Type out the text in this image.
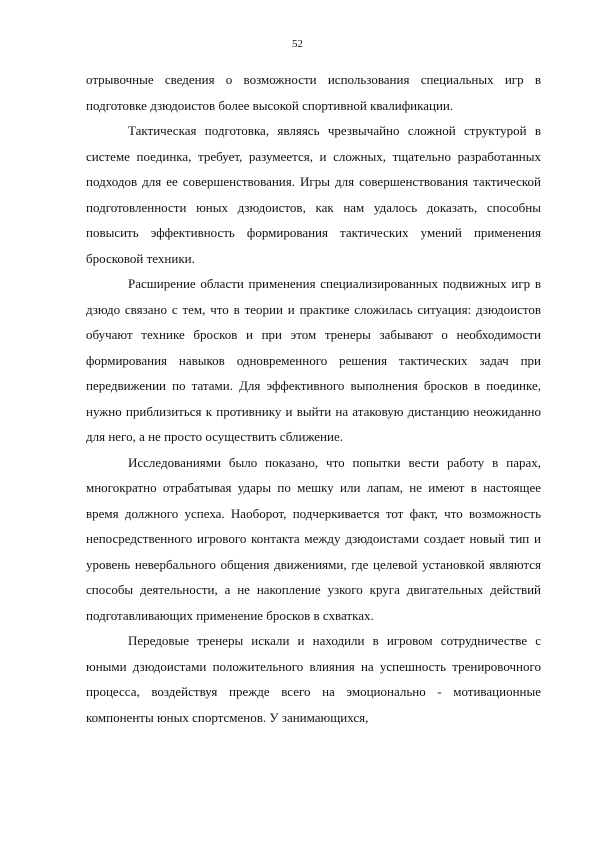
52

отрывочные сведения о возможности использования специальных игр в подготовке дзюдоистов более высокой спортивной квалификации.

Тактическая подготовка, являясь чрезвычайно сложной структурой в системе поединка, требует, разумеется, и сложных, тщательно разработанных подходов для ее совершенствования. Игры для совершенствования тактической подготовленности юных дзюдоистов, как нам удалось доказать, способны повысить эффективность формирования тактических умений применения бросковой техники.

Расширение области применения специализированных подвижных игр в дзюдо связано с тем, что в теории и практике сложилась ситуация: дзюдоистов обучают технике бросков и при этом тренеры забывают о необходимости формирования навыков одновременного решения тактических задач при передвижении по татами. Для эффективного выполнения бросков в поединке, нужно приблизиться к противнику и выйти на атаковую дистанцию неожиданно для него, а не просто осуществить сближение.

Исследованиями было показано, что попытки вести работу в парах, многократно отрабатывая удары по мешку или лапам, не имеют в настоящее время должного успеха. Наоборот, подчеркивается тот факт, что возможность непосредственного игрового контакта между дзюдоистами создает новый тип и уровень невербального общения движениями, где целевой установкой являются способы деятельности, а не накопление узкого круга двигательных действий подготавливающих применение бросков в схватках.

Передовые тренеры искали и находили в игровом сотрудничестве с юными дзюдоистами положительного влияния на успешность тренировочного процесса, воздействуя прежде всего на эмоционально - мотивационные компоненты юных спортсменов. У занимающихся,
